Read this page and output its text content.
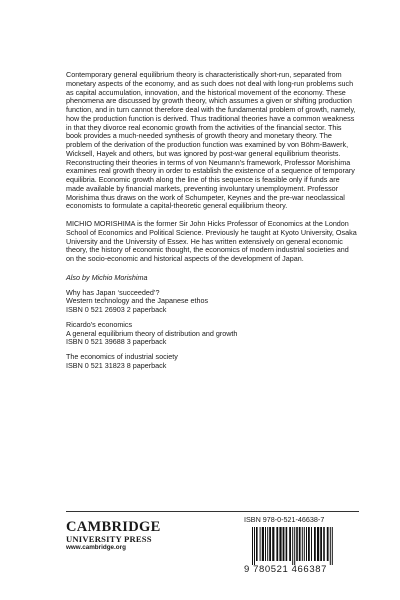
Contemporary general equilibrium theory is characteristically short-run, separated from monetary aspects of the economy, and as such does not deal with long-run problems such as capital accumulation, innovation, and the historical movement of the economy. These phenomena are discussed by growth theory, which assumes a given or shifting production function, and in turn cannot therefore deal with the fundamental problem of growth, namely, how the production function is derived. Thus traditional theories have a common weakness in that they divorce real economic growth from the activities of the financial sector. This book provides a much-needed synthesis of growth theory and monetary theory. The problem of the derivation of the production function was examined by von Böhm-Bawerk, Wicksell, Hayek and others, but was ignored by post-war general equilibrium theorists. Reconstructing their theories in terms of von Neumann's framework, Professor Morishima examines real growth theory in order to establish the existence of a sequence of temporary equilibria. Economic growth along the line of this sequence is feasible only if funds are made available by financial markets, preventing involuntary unemployment. Professor Morishima thus draws on the work of Schumpeter, Keynes and the pre-war neoclassical economists to formulate a capital-theoretic general equilibrium theory.

MICHIO MORISHIMA is the former Sir John Hicks Professor of Economics at the London School of Economics and Political Science. Previously he taught at Kyoto University, Osaka University and the University of Essex. He has written extensively on general economic theory, the history of economic thought, the economics of modern industrial societies and on the socio-economic and historical aspects of the development of Japan.

Also by Michio Morishima

Why has Japan ‘succeeded’?
Western technology and the Japanese ethos
ISBN 0 521 26903 2 paperback
Ricardo's economics
A general equilibrium theory of distribution and growth
ISBN 0 521 39688 3 paperback
The economics of industrial society
ISBN 0 521 31823 8 paperback
CAMBRIDGE
UNIVERSITY PRESS
www.cambridge.org
ISBN 978-0-521-46638-7
9 780521 466387
